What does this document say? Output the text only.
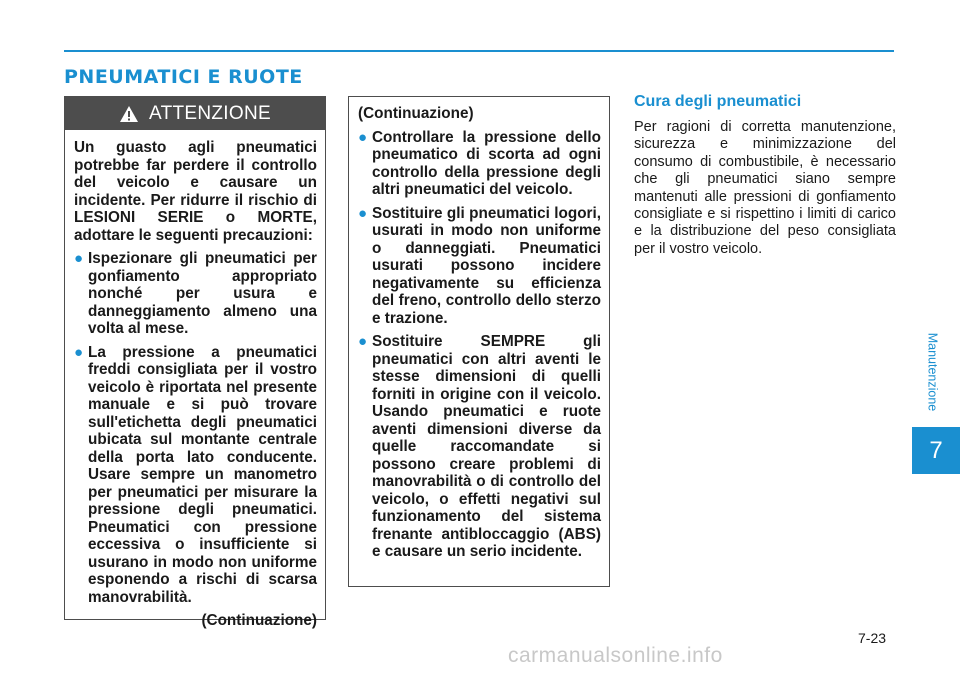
PNEUMATICI E RUOTE
ATTENZIONE

Un guasto agli pneumatici potrebbe far perdere il controllo del veicolo e causare un incidente. Per ridurre il rischio di LESIONI SERIE o MORTE, adottare le seguenti precauzioni:

● Ispezionare gli pneumatici per gonfiamento appropriato nonché per usura e danneggiamento almeno una volta al mese.
● La pressione a pneumatici freddi consigliata per il vostro veicolo è riportata nel presente manuale e si può trovare sull'etichetta degli pneumatici ubicata sul montante centrale della porta lato conducente. Usare sempre un manometro per pneumatici per misurare la pressione degli pneumatici. Pneumatici con pressione eccessiva o insufficiente si usurano in modo non uniforme esponendo a rischi di scarsa manovrabilità.
(Continuazione)

(Continuazione)

● Controllare la pressione dello pneumatico di scorta ad ogni controllo della pressione degli altri pneumatici del veicolo.
● Sostituire gli pneumatici logori, usurati in modo non uniforme o danneggiati. Pneumatici usurati possono incidere negativamente su efficienza del freno, controllo dello sterzo e trazione.
● Sostituire SEMPRE gli pneumatici con altri aventi le stesse dimensioni di quelli forniti in origine con il veicolo. Usando pneumatici e ruote aventi dimensioni diverse da quelle raccomandate si possono creare problemi di manovrabilità o di controllo del veicolo, o effetti negativi sul funzionamento del sistema frenante antibloccaggio (ABS) e causare un serio incidente.
Cura degli pneumatici

Per ragioni di corretta manutenzione, sicurezza e minimizzazione del consumo di combustibile, è necessario che gli pneumatici siano sempre mantenuti alle pressioni di gonfiamento consigliate e si rispettino i limiti di carico e la distribuzione del peso consigliata per il vostro veicolo.

Manutenzione
7
7-23
carmanualsonline.info
